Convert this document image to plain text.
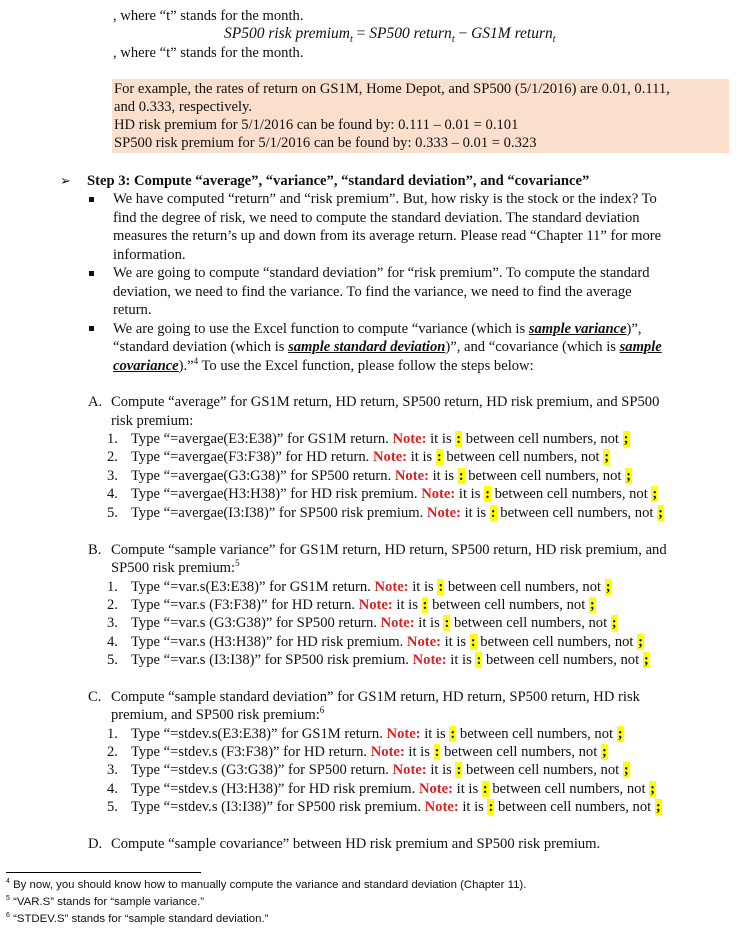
, where “t” stands for the month.
SP500 risk premium$_t$ = SP500 return$_t$ − GS1M return$_t$
, where “t” stands for the month.
For example, the rates of return on GS1M, Home Depot, and SP500 (5/1/2016) are 0.01, 0.111,
and 0.333, respectively.
HD risk premium for 5/1/2016 can be found by: 0.111 – 0.01 = 0.101
SP500 risk premium for 5/1/2016 can be found by: 0.333 – 0.01 = 0.323
➢ Step 3: Compute “average”, “variance”, “standard deviation”, and “covariance”
We have computed “return” and “risk premium”. But, how risky is the stock or the index? To
find the degree of risk, we need to compute the standard deviation. The standard deviation
measures the return’s up and down from its average return. Please read “Chapter 11” for more
information.
We are going to compute “standard deviation” for “risk premium”. To compute the standard
deviation, we need to find the variance. To find the variance, we need to find the average
return.
We are going to use the Excel function to compute “variance (which is sample variance)”,
“standard deviation (which is sample standard deviation)”, and “covariance (which is sample
covariance).”$^4$ To use the Excel function, please follow the steps below:
A. Compute “average” for GS1M return, HD return, SP500 return, HD risk premium, and SP500
risk premium:
1. Type “=avergae(E3:E38)” for GS1M return. Note: it is : between cell numbers, not ;
2. Type “=avergae(F3:F38)” for HD return. Note: it is : between cell numbers, not ;
3. Type “=avergae(G3:G38)” for SP500 return. Note: it is : between cell numbers, not ;
4. Type “=avergae(H3:H38)” for HD risk premium. Note: it is : between cell numbers, not ;
5. Type “=avergae(I3:I38)” for SP500 risk premium. Note: it is : between cell numbers, not ;
B. Compute “sample variance” for GS1M return, HD return, SP500 return, HD risk premium, and
SP500 risk premium:$^5$
1. Type “=var.s(E3:E38)” for GS1M return. Note: it is : between cell numbers, not ;
2. Type “=var.s (F3:F38)” for HD return. Note: it is : between cell numbers, not ;
3. Type “=var.s (G3:G38)” for SP500 return. Note: it is : between cell numbers, not ;
4. Type “=var.s (H3:H38)” for HD risk premium. Note: it is : between cell numbers, not ;
5. Type “=var.s (I3:I38)” for SP500 risk premium. Note: it is : between cell numbers, not ;
C. Compute “sample standard deviation” for GS1M return, HD return, SP500 return, HD risk
premium, and SP500 risk premium:$^6$
1. Type “=stdev.s(E3:E38)” for GS1M return. Note: it is : between cell numbers, not ;
2. Type “=stdev.s (F3:F38)” for HD return. Note: it is : between cell numbers, not ;
3. Type “=stdev.s (G3:G38)” for SP500 return. Note: it is : between cell numbers, not ;
4. Type “=stdev.s (H3:H38)” for HD risk premium. Note: it is : between cell numbers, not ;
5. Type “=stdev.s (I3:I38)” for SP500 risk premium. Note: it is : between cell numbers, not ;
D. Compute “sample covariance” between HD risk premium and SP500 risk premium.
$^4$ By now, you should know how to manually compute the variance and standard deviation (Chapter 11).
$^5$ “VAR.S” stands for “sample variance.”
$^6$ “STDEV.S” stands for “sample standard deviation.”
